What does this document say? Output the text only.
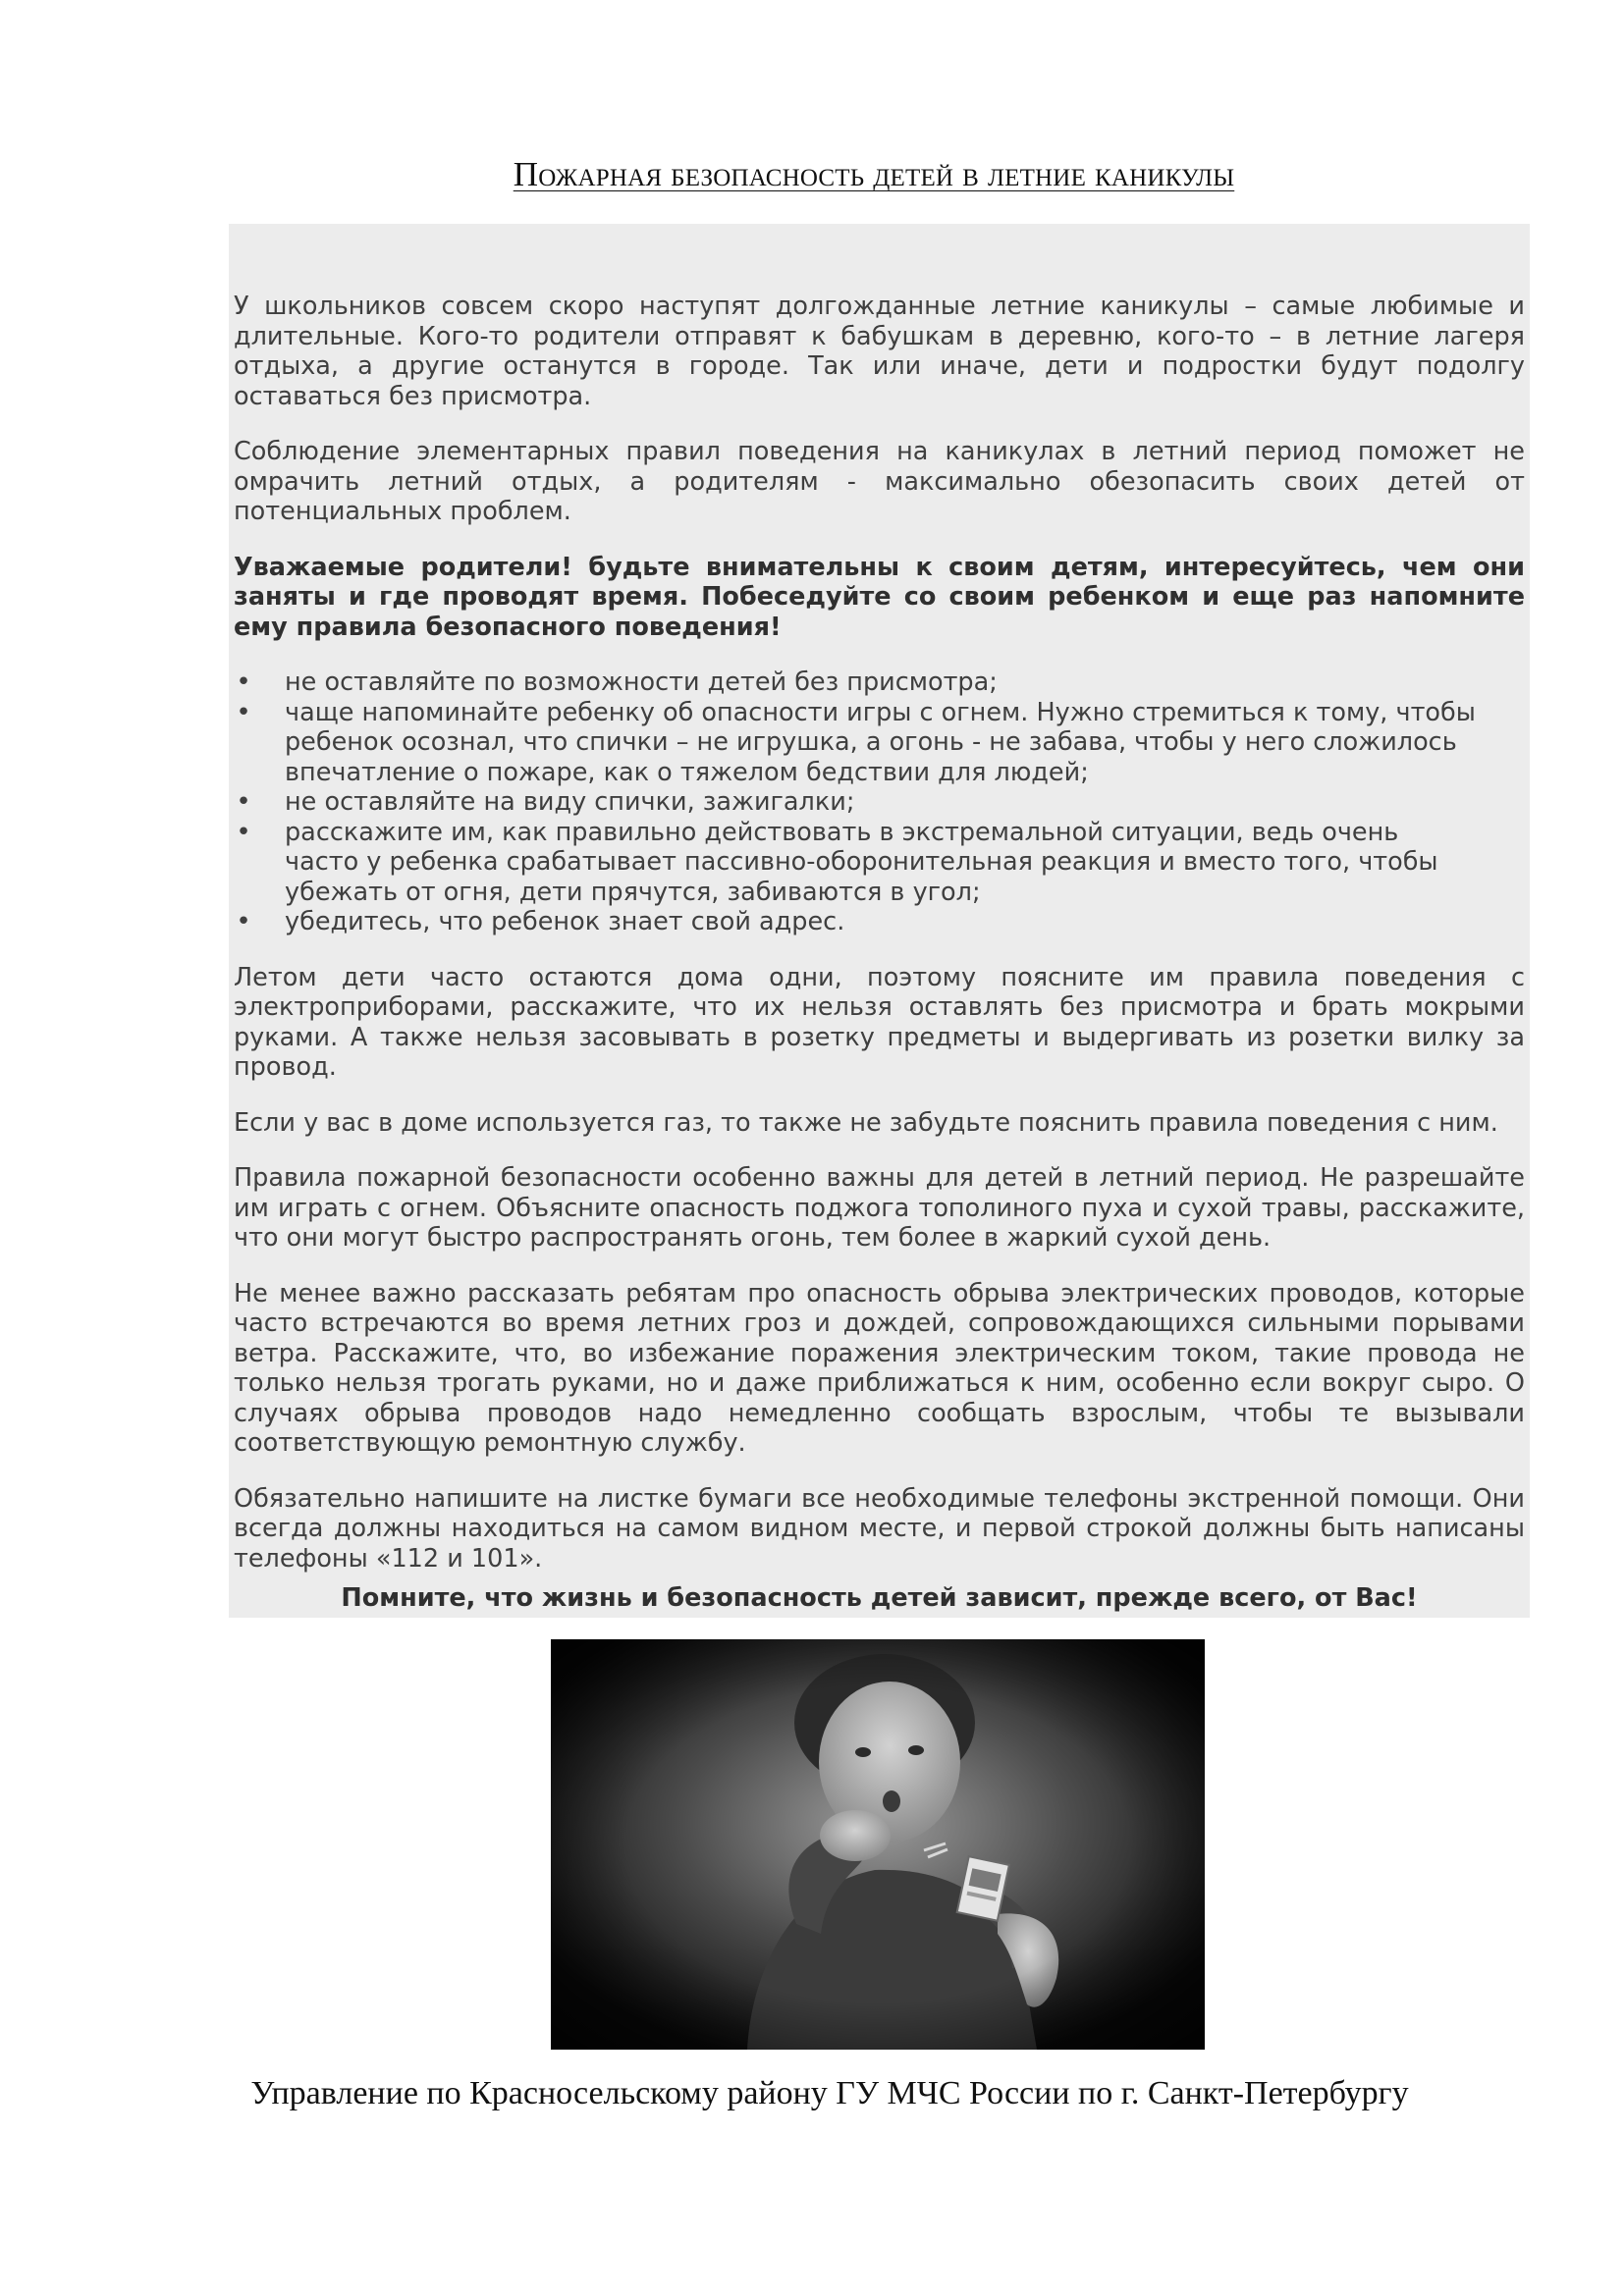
Пожарная безопасность детей в летние каникулы

У школьников совсем скоро наступят долгожданные летние каникулы – самые любимые и длительные. Кого-то родители отправят к бабушкам в деревню, кого-то – в летние лагеря отдыха, а другие останутся в городе. Так или иначе, дети и подростки будут подолгу оставаться без присмотра.

Соблюдение элементарных правил поведения на каникулах в летний период поможет не омрачить летний отдых, а родителям - максимально обезопасить своих детей от потенциальных проблем.

Уважаемые родители! будьте внимательны к своим детям, интересуйтесь, чем они заняты и где проводят время. Побеседуйте со своим ребенком и еще раз напомните ему правила безопасного поведения!

• не оставляйте по возможности детей без присмотра;
• чаще напоминайте ребенку об опасности игры с огнем. Нужно стремиться к тому, чтобы ребенок осознал, что спички – не игрушка, а огонь - не забава, чтобы у него сложилось впечатление о пожаре, как о тяжелом бедствии для людей;
• не оставляйте на виду спички, зажигалки;
• расскажите им, как правильно действовать в экстремальной ситуации, ведь очень часто у ребенка срабатывает пассивно-оборонительная реакция и вместо того, чтобы убежать от огня, дети прячутся, забиваются в угол;
• убедитесь, что ребенок знает свой адрес.

Летом дети часто остаются дома одни, поэтому поясните им правила поведения с электроприборами, расскажите, что их нельзя оставлять без присмотра и брать мокрыми руками. А также нельзя засовывать в розетку предметы и выдергивать из розетки вилку за провод.

Если у вас в доме используется газ, то также не забудьте пояснить правила поведения с ним.

Правила пожарной безопасности особенно важны для детей в летний период. Не разрешайте им играть с огнем. Объясните опасность поджога тополиного пуха и сухой травы, расскажите, что они могут быстро распространять огонь, тем более в жаркий сухой день.

Не менее важно рассказать ребятам про опасность обрыва электрических проводов, которые часто встречаются во время летних гроз и дождей, сопровождающихся сильными порывами ветра. Расскажите, что, во избежание поражения электрическим током, такие провода не только нельзя трогать руками, но и даже приближаться к ним, особенно если вокруг сыро. О случаях обрыва проводов надо немедленно сообщать взрослым, чтобы те вызывали соответствующую ремонтную службу.

Обязательно напишите на листке бумаги все необходимые телефоны экстренной помощи. Они всегда должны находиться на самом видном месте, и первой строкой должны быть написаны телефоны «112 и 101».

Помните, что жизнь и безопасность детей зависит, прежде всего, от Вас!
Управление по Красносельскому району ГУ МЧС России по г. Санкт-Петербургу
